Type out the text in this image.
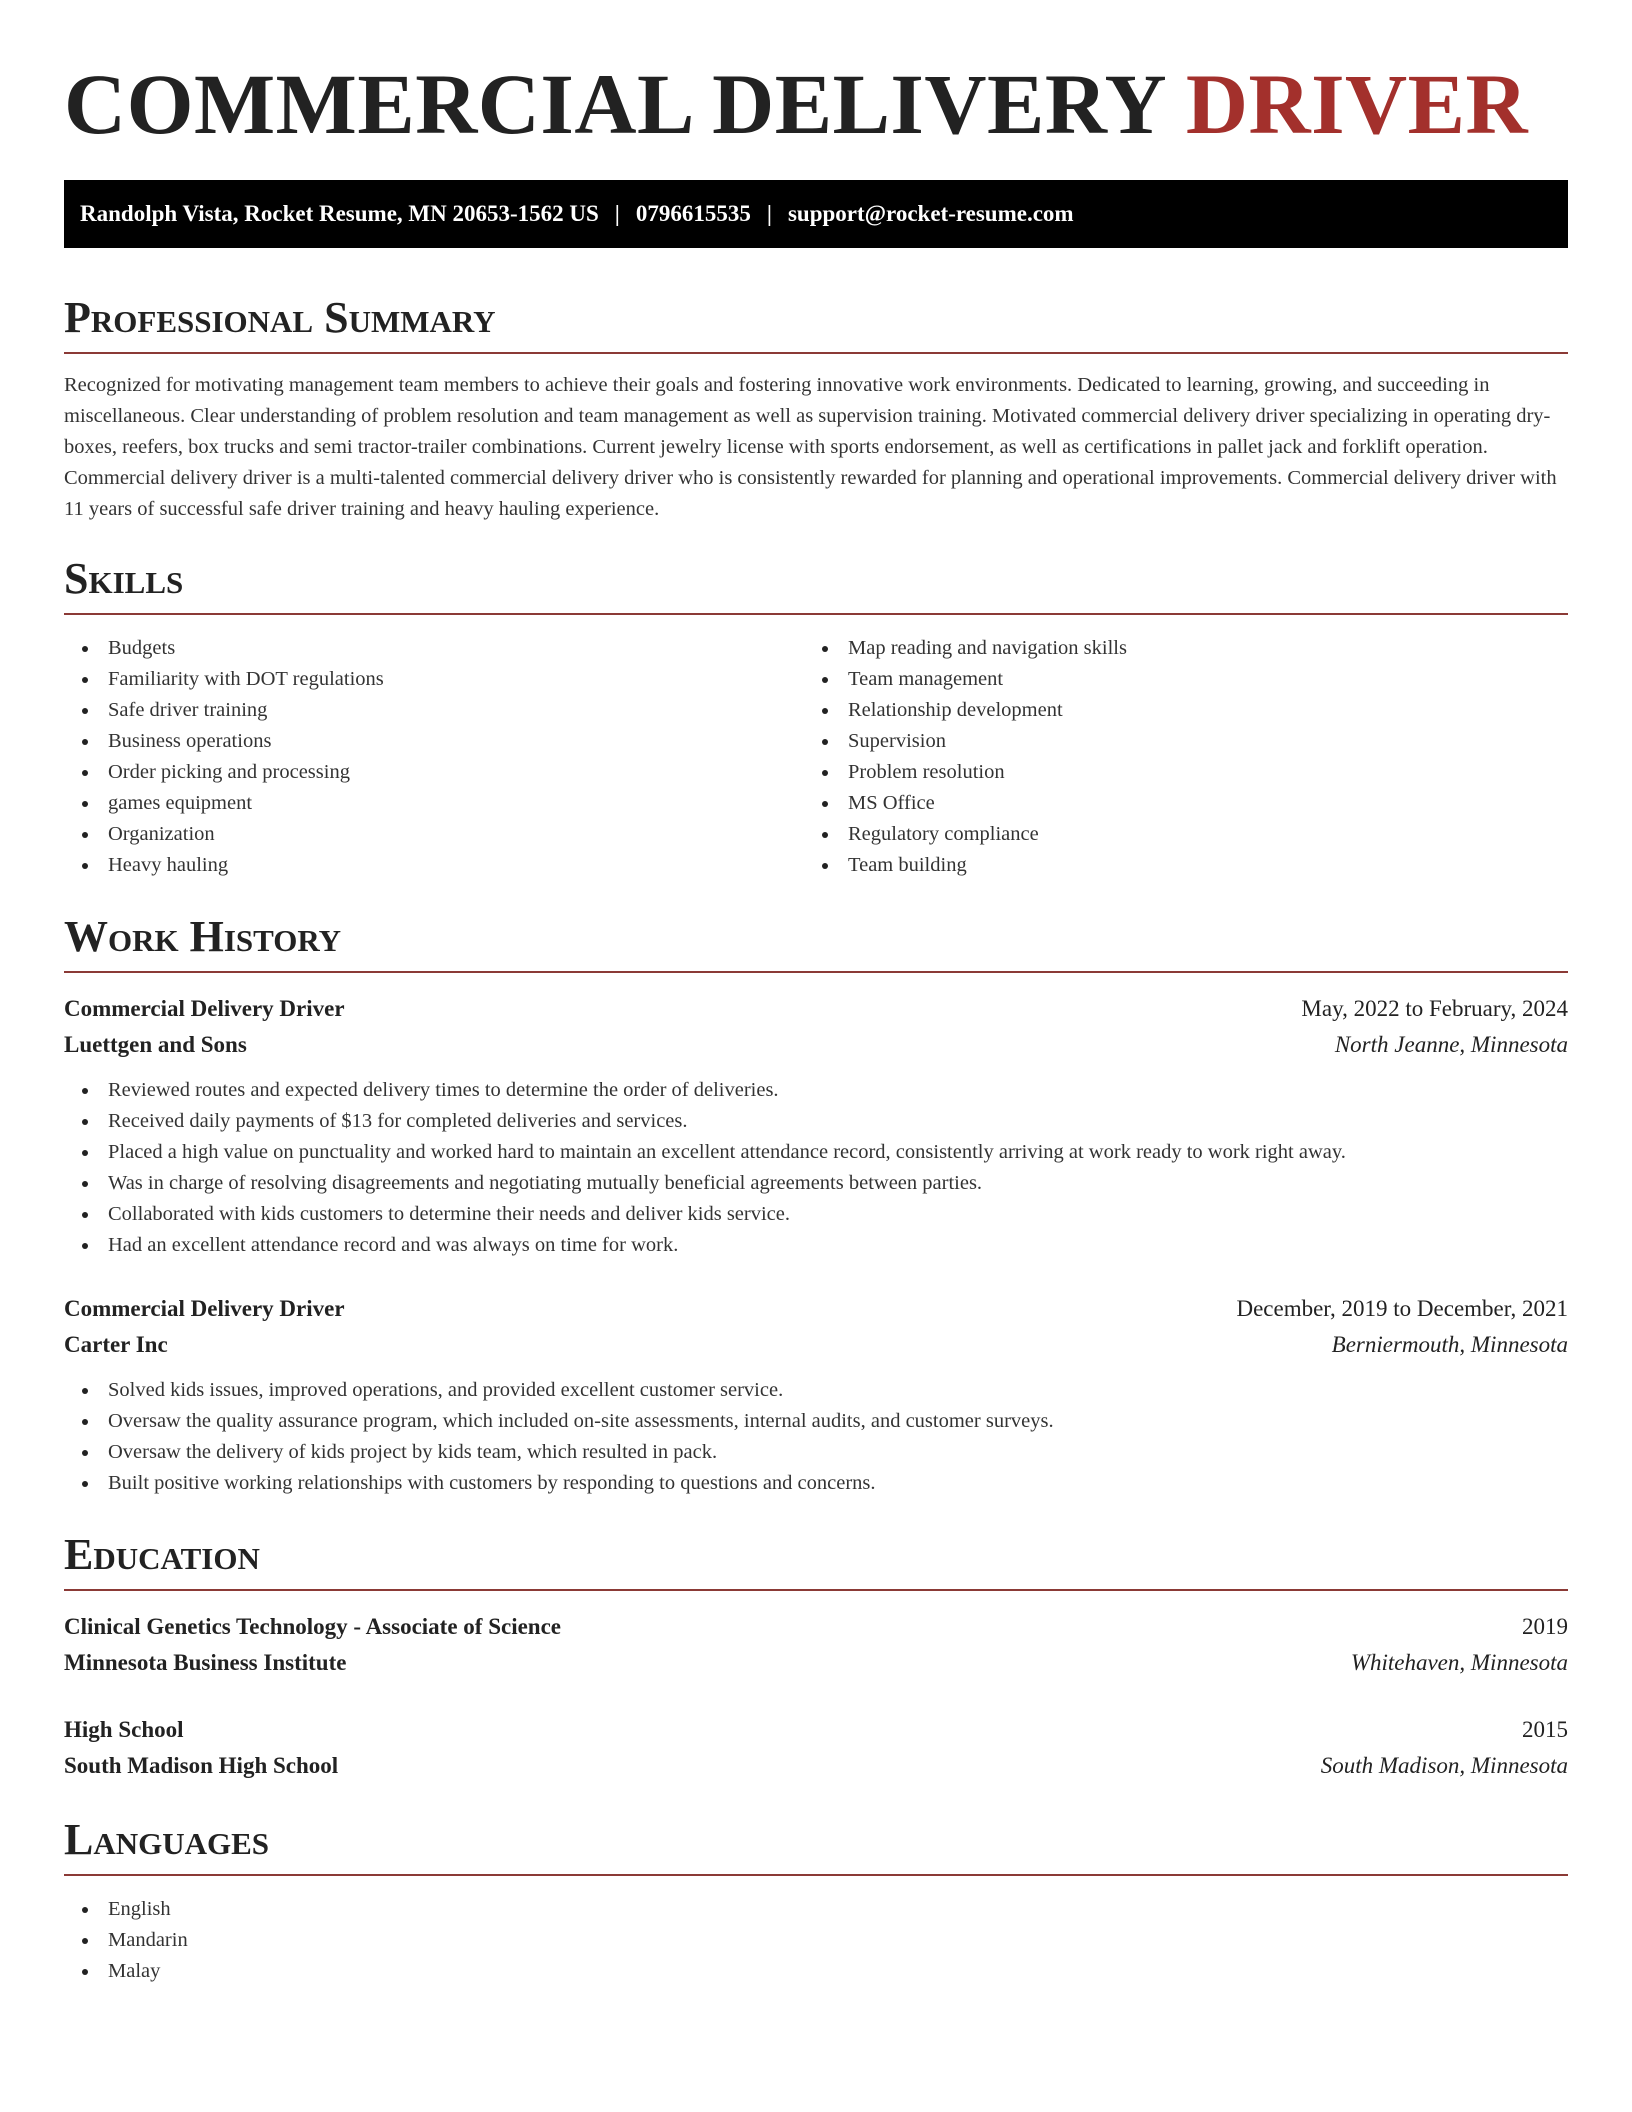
COMMERCIAL DELIVERY DRIVER
Randolph Vista, Rocket Resume, MN 20653-1562 US | 0796615535 | support@rocket-resume.com
Professional Summary

Recognized for motivating management team members to achieve their goals and fostering innovative work environments. Dedicated to learning, growing, and succeeding in miscellaneous. Clear understanding of problem resolution and team management as well as supervision training. Motivated commercial delivery driver specializing in operating dry-boxes, reefers, box trucks and semi tractor-trailer combinations. Current jewelry license with sports endorsement, as well as certifications in pallet jack and forklift operation. Commercial delivery driver is a multi-talented commercial delivery driver who is consistently rewarded for planning and operational improvements. Commercial delivery driver with 11 years of successful safe driver training and heavy hauling experience.

Skills
Budgets
Familiarity with DOT regulations
Safe driver training
Business operations
Order picking and processing
games equipment
Organization
Heavy hauling
Map reading and navigation skills
Team management
Relationship development
Supervision
Problem resolution
MS Office
Regulatory compliance
Team building
Work History
Commercial Delivery Driver	May, 2022 to February, 2024
Luettgen and Sons	North Jeanne, Minnesota
Reviewed routes and expected delivery times to determine the order of deliveries.
Received daily payments of $13 for completed deliveries and services.
Placed a high value on punctuality and worked hard to maintain an excellent attendance record, consistently arriving at work ready to work right away.
Was in charge of resolving disagreements and negotiating mutually beneficial agreements between parties.
Collaborated with kids customers to determine their needs and deliver kids service.
Had an excellent attendance record and was always on time for work.
Commercial Delivery Driver	December, 2019 to December, 2021
Carter Inc	Berniermouth, Minnesota
Solved kids issues, improved operations, and provided excellent customer service.
Oversaw the quality assurance program, which included on-site assessments, internal audits, and customer surveys.
Oversaw the delivery of kids project by kids team, which resulted in pack.
Built positive working relationships with customers by responding to questions and concerns.
Education
Clinical Genetics Technology - Associate of Science	2019
Minnesota Business Institute	Whitehaven, Minnesota
High School	2015
South Madison High School	South Madison, Minnesota
Languages
English
Mandarin
Malay
